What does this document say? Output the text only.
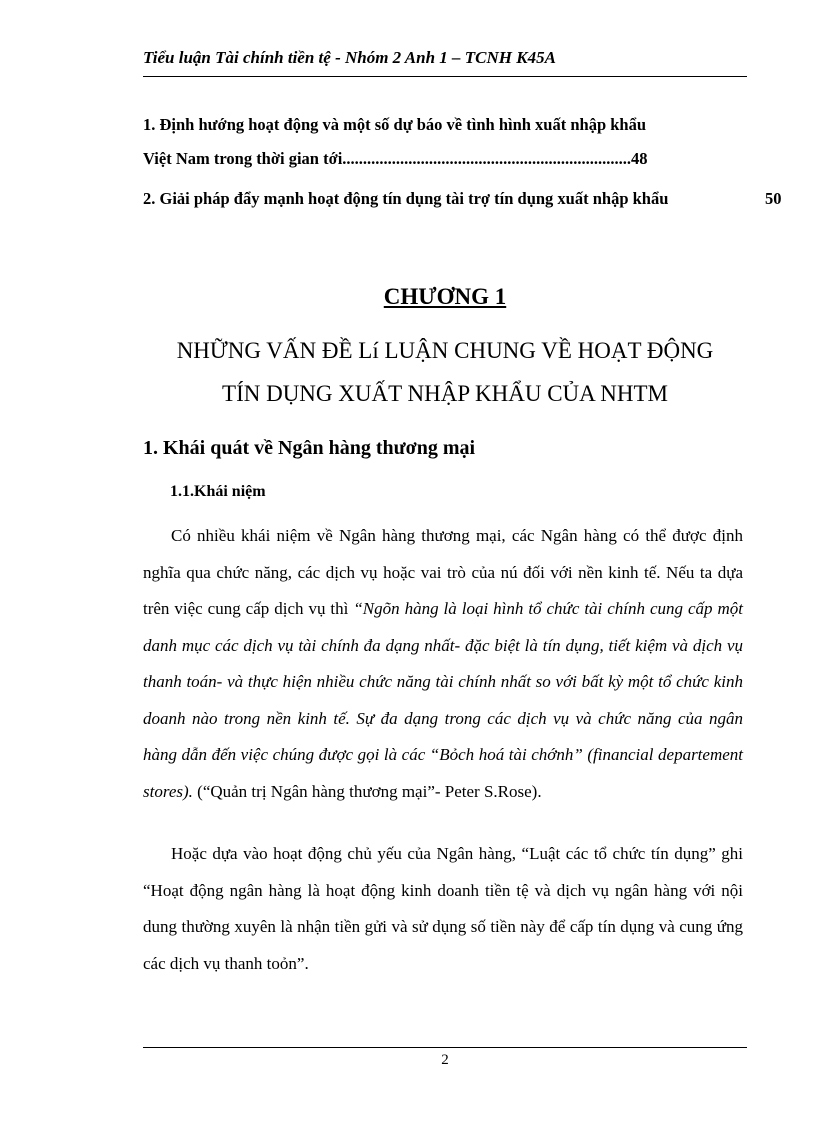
Tiểu luận Tài chính tiền tệ - Nhóm 2 Anh 1 – TCNH K45A
1. Định hướng hoạt động và một số dự báo về tình hình xuất nhập khẩu
Việt Nam trong thời gian tới......................................................................48
2. Giải pháp đẩy mạnh hoạt động tín dụng tài trợ tín dụng xuất nhập khẩu	50
CHƯƠNG 1
NHỮNG VẤN ĐỀ Lí LUẬN CHUNG VỀ HOẠT ĐỘNG
TÍN DỤNG XUẤT NHẬP KHẨU CỦA NHTM
1. Khái quát về Ngân hàng thương mại
1.1.Khái niệm

Có nhiều khái niệm về Ngân hàng thương mại, các Ngân hàng có thể được định nghĩa qua chức năng, các dịch vụ hoặc vai trò của nú đối với nền kinh tế. Nếu ta dựa trên việc cung cấp dịch vụ thì “Ngõn hàng là loại hình tổ chức tài chính cung cấp một danh mục các dịch vụ tài chính đa dạng nhất- đặc biệt là tín dụng, tiết kiệm và dịch vụ thanh toán- và thực hiện nhiều chức năng tài chính nhất so với bất kỳ một tổ chức kinh doanh nào trong nền kinh tế. Sự đa dạng trong các dịch vụ và chức năng của ngân hàng dẫn đến việc chúng được gọi là các “Bỏch hoá tài chớnh” (financial departement stores). (“Quản trị Ngân hàng thương mại”- Peter S.Rose).

Hoặc dựa vào hoạt động chủ yếu của Ngân hàng, “Luật các tổ chức tín dụng” ghi “Hoạt động ngân hàng là hoạt động kinh doanh tiền tệ và dịch vụ ngân hàng với nội dung thường xuyên là nhận tiền gửi và sử dụng số tiền này để cấp tín dụng và cung ứng các dịch vụ thanh toỏn”.

2
